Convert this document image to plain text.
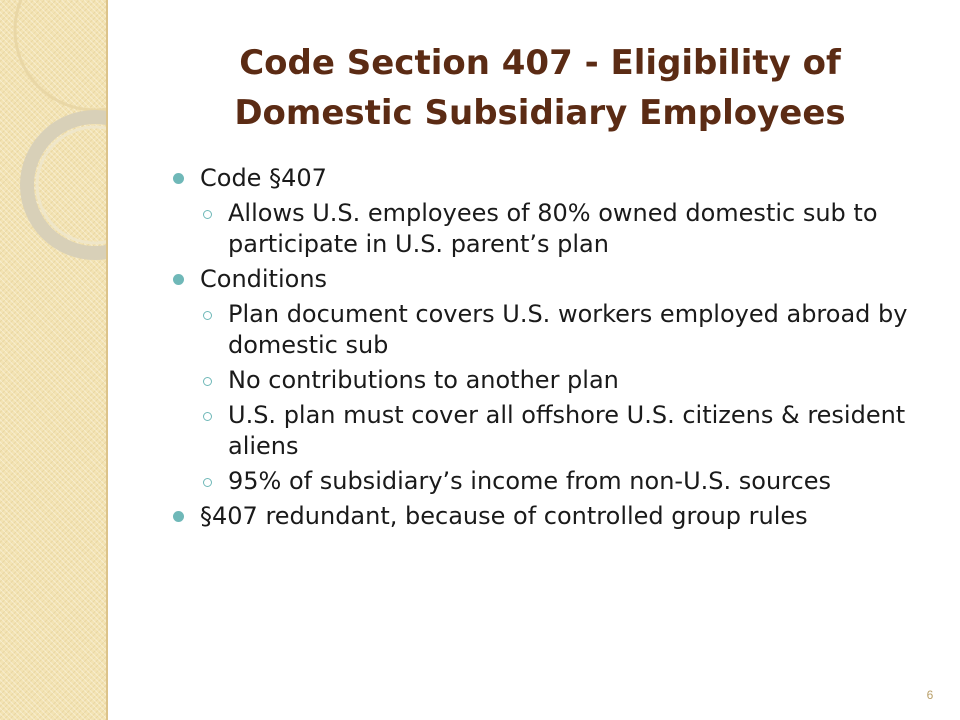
Code Section 407 - Eligibility of
Domestic Subsidiary Employees
Code §407
Allows U.S. employees of 80% owned domestic sub to participate in U.S. parent’s plan
Conditions
Plan document covers U.S. workers employed abroad by domestic sub
No contributions to another plan
U.S. plan must cover all offshore U.S. citizens & resident aliens
95% of subsidiary’s income from non-U.S. sources
§407 redundant, because of controlled group rules
6
